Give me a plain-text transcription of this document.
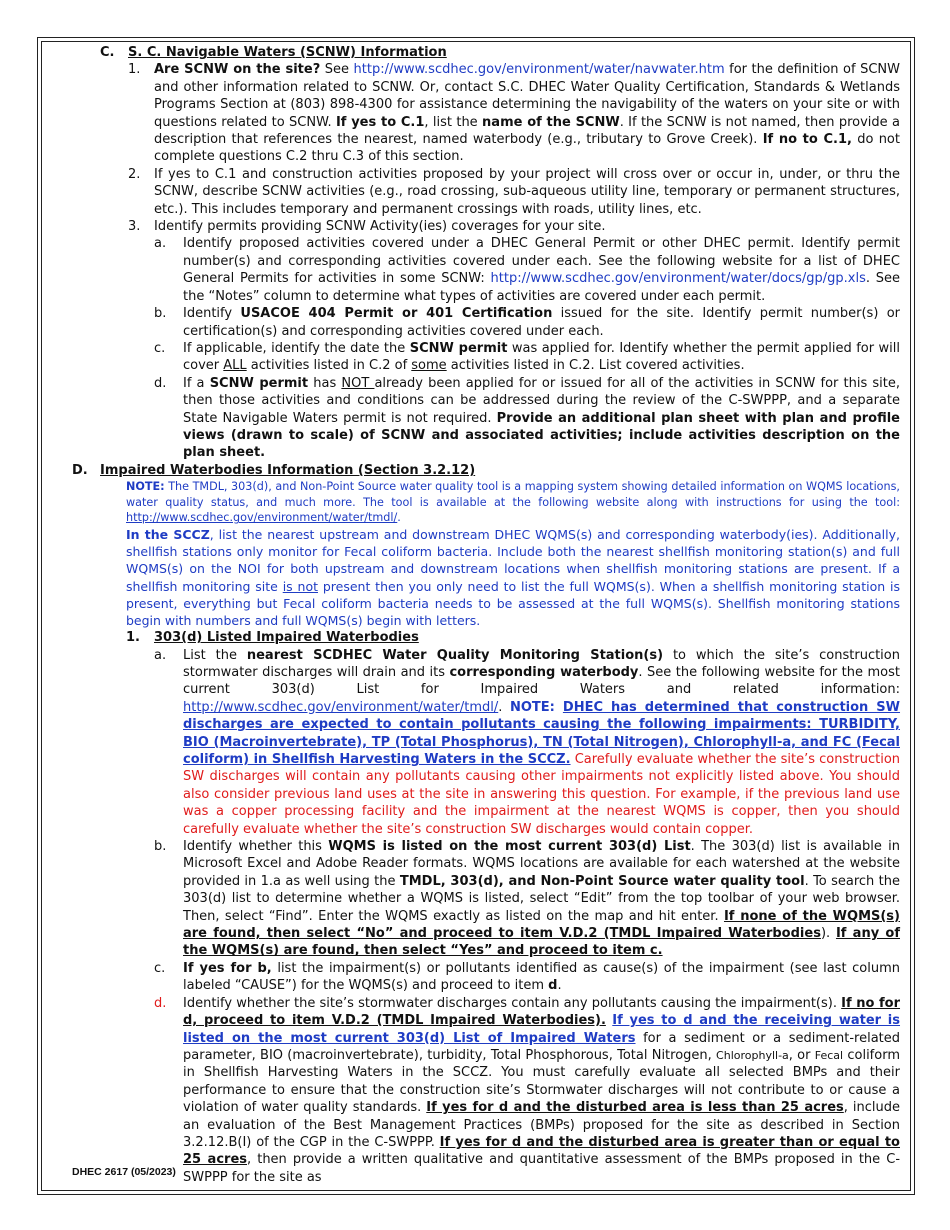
C. S. C. Navigable Waters (SCNW) Information
1. Are SCNW on the site? See http://www.scdhec.gov/environment/water/navwater.htm for the definition of SCNW and other information related to SCNW. Or, contact S.C. DHEC Water Quality Certification, Standards & Wetlands Programs Section at (803) 898-4300 for assistance determining the navigability of the waters on your site or with questions related to SCNW. If yes to C.1, list the name of the SCNW. If the SCNW is not named, then provide a description that references the nearest, named waterbody (e.g., tributary to Grove Creek). If no to C.1, do not complete questions C.2 thru C.3 of this section.
2. If yes to C.1 and construction activities proposed by your project will cross over or occur in, under, or thru the SCNW, describe SCNW activities (e.g., road crossing, sub-aqueous utility line, temporary or permanent structures, etc.). This includes temporary and permanent crossings with roads, utility lines, etc.
3. Identify permits providing SCNW Activity(ies) coverages for your site.
a. Identify proposed activities covered under a DHEC General Permit or other DHEC permit. Identify permit number(s) and corresponding activities covered under each. See the following website for a list of DHEC General Permits for activities in some SCNW: http://www.scdhec.gov/environment/water/docs/gp/gp.xls. See the “Notes” column to determine what types of activities are covered under each permit.
b. Identify USACOE 404 Permit or 401 Certification issued for the site. Identify permit number(s) or certification(s) and corresponding activities covered under each.
c. If applicable, identify the date the SCNW permit was applied for. Identify whether the permit applied for will cover ALL activities listed in C.2 of some activities listed in C.2. List covered activities.
d. If a SCNW permit has NOT already been applied for or issued for all of the activities in SCNW for this site, then those activities and conditions can be addressed during the review of the C-SWPPP, and a separate State Navigable Waters permit is not required. Provide an additional plan sheet with plan and profile views (drawn to scale) of SCNW and associated activities; include activities description on the plan sheet.
D. Impaired Waterbodies Information (Section 3.2.12)
NOTE: The TMDL, 303(d), and Non-Point Source water quality tool is a mapping system showing detailed information on WQMS locations, water quality status, and much more. The tool is available at the following website along with instructions for using the tool: http://www.scdhec.gov/environment/water/tmdl/.
In the SCCZ, list the nearest upstream and downstream DHEC WQMS(s) and corresponding waterbody(ies). Additionally, shellfish stations only monitor for Fecal coliform bacteria. Include both the nearest shellfish monitoring station(s) and full WQMS(s) on the NOI for both upstream and downstream locations when shellfish monitoring stations are present. If a shellfish monitoring site is not present then you only need to list the full WQMS(s). When a shellfish monitoring station is present, everything but Fecal coliform bacteria needs to be assessed at the full WQMS(s). Shellfish monitoring stations begin with numbers and full WQMS(s) begin with letters.
1. 303(d) Listed Impaired Waterbodies
a. List the nearest SCDHEC Water Quality Monitoring Station(s) to which the site’s construction stormwater discharges will drain and its corresponding waterbody. See the following website for the most current 303(d) List for Impaired Waters and related information: http://www.scdhec.gov/environment/water/tmdl/. NOTE: DHEC has determined that construction SW discharges are expected to contain pollutants causing the following impairments: TURBIDITY, BIO (Macroinvertebrate), TP (Total Phosphorus), TN (Total Nitrogen), Chlorophyll-a, and FC (Fecal coliform) in Shellfish Harvesting Waters in the SCCZ. Carefully evaluate whether the site’s construction SW discharges will contain any pollutants causing other impairments not explicitly listed above. You should also consider previous land uses at the site in answering this question. For example, if the previous land use was a copper processing facility and the impairment at the nearest WQMS is copper, then you should carefully evaluate whether the site’s construction SW discharges would contain copper.
b. Identify whether this WQMS is listed on the most current 303(d) List. The 303(d) list is available in Microsoft Excel and Adobe Reader formats. WQMS locations are available for each watershed at the website provided in 1.a as well using the TMDL, 303(d), and Non-Point Source water quality tool. To search the 303(d) list to determine whether a WQMS is listed, select “Edit” from the top toolbar of your web browser. Then, select “Find”. Enter the WQMS exactly as listed on the map and hit enter. If none of the WQMS(s) are found, then select “No” and proceed to item V.D.2 (TMDL Impaired Waterbodies). If any of the WQMS(s) are found, then select “Yes” and proceed to item c.
c. If yes for b, list the impairment(s) or pollutants identified as cause(s) of the impairment (see last column labeled “CAUSE”) for the WQMS(s) and proceed to item d.
d. Identify whether the site’s stormwater discharges contain any pollutants causing the impairment(s). If no for d, proceed to item V.D.2 (TMDL Impaired Waterbodies). If yes to d and the receiving water is listed on the most current 303(d) List of Impaired Waters for a sediment or a sediment-related parameter, BIO (macroinvertebrate), turbidity, Total Phosphorous, Total Nitrogen, Chlorophyll-a, or Fecal coliform in Shellfish Harvesting Waters in the SCCZ. You must carefully evaluate all selected BMPs and their performance to ensure that the construction site’s Stormwater discharges will not contribute to or cause a violation of water quality standards. If yes for d and the disturbed area is less than 25 acres, include an evaluation of the Best Management Practices (BMPs) proposed for the site as described in Section 3.2.12.B(I) of the CGP in the C-SWPPP. If yes for d and the disturbed area is greater than or equal to 25 acres, then provide a written qualitative and quantitative assessment of the BMPs proposed in the C-SWPPP for the site as
DHEC 2617 (05/2023)
